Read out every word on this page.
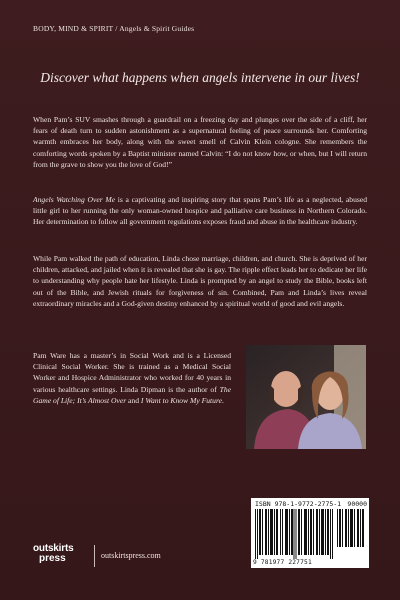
BODY, MIND & SPIRIT / Angels & Spirit Guides
Discover what happens when angels intervene in our lives!

When Pam’s SUV smashes through a guardrail on a freezing day and plunges over the side of a cliff, her fears of death turn to sudden astonishment as a supernatural feeling of peace surrounds her. Comforting warmth embraces her body, along with the sweet smell of Calvin Klein cologne. She remembers the comforting words spoken by a Baptist minister named Calvin: “I do not know how, or when, but I will return from the grave to show you the love of God!”

Angels Watching Over Me is a captivating and inspiring story that spans Pam’s life as a neglected, abused little girl to her running the only woman-owned hospice and palliative care business in Northern Colorado. Her determination to follow all government regulations exposes fraud and abuse in the healthcare industry.

While Pam walked the path of education, Linda chose marriage, children, and church. She is deprived of her children, attacked, and jailed when it is revealed that she is gay. The ripple effect leads her to dedicate her life to understanding why people hate her lifestyle. Linda is prompted by an angel to study the Bible, books left out of the Bible, and Jewish rituals for forgiveness of sin. Combined, Pam and Linda’s lives reveal extraordinary miracles and a God-given destiny enhanced by a spiritual world of good and evil angels.

Pam Ware has a master’s in Social Work and is a Licensed Clinical Social Worker. She is trained as a Medical Social Worker and Hospice Administrator who worked for 40 years in various healthcare settings. Linda Dipman is the author of The Game of Life; It’s Almost Over and I Want to Know My Future.

ISBN 978-1-9772-2775-1 90000
9 781977 227751
outskirts
press	outskirtspress.com
